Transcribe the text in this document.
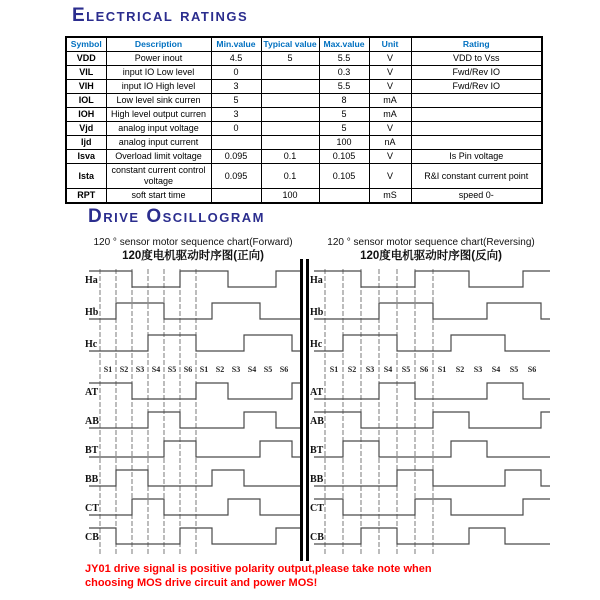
Electrical ratings
Symbol	Description	Min.value	Typical value	Max.value	Unit	Rating
VDD	Power inout	4.5	5	5.5	V	VDD to Vss
VIL	input IO Low level	0		0.3	V	Fwd/Rev IO
VIH	input IO High level	3		5.5	V	Fwd/Rev IO
IOL	Low level sink curren	5		8	mA	
IOH	High level output curren	3		5	mA	
Vjd	analog input voltage	0		5	V	
Ijd	analog input current			100	nA	
Isva	Overload limit voltage	0.095	0.1	0.105	V	Is Pin voltage
Ista	constant current control voltage	0.095	0.1	0.105	V	R&I constant current point
RPT	soft start time		100		mS	speed 0-
Drive Oscillogram
120 ° sensor motor sequence chart(Forward)
120度电机驱动时序图(正向)
S1 S2 S3 S4 S5 S6 S1 S2 S3 S4 S5 S6
Ha
Hb
Hc
AT
AB
BT
BB
CT
CB
120 ° sensor motor sequence chart(Reversing)
120度电机驱动时序图(反向)
S1 S2 S3 S4 S5 S6 S1 S2 S3 S4 S5 S6
Ha
Hb
Hc
AT
AB
BT
BB
CT
CB
JY01 drive signal is positive polarity output,please take note when
choosing MOS drive circuit and power MOS!
